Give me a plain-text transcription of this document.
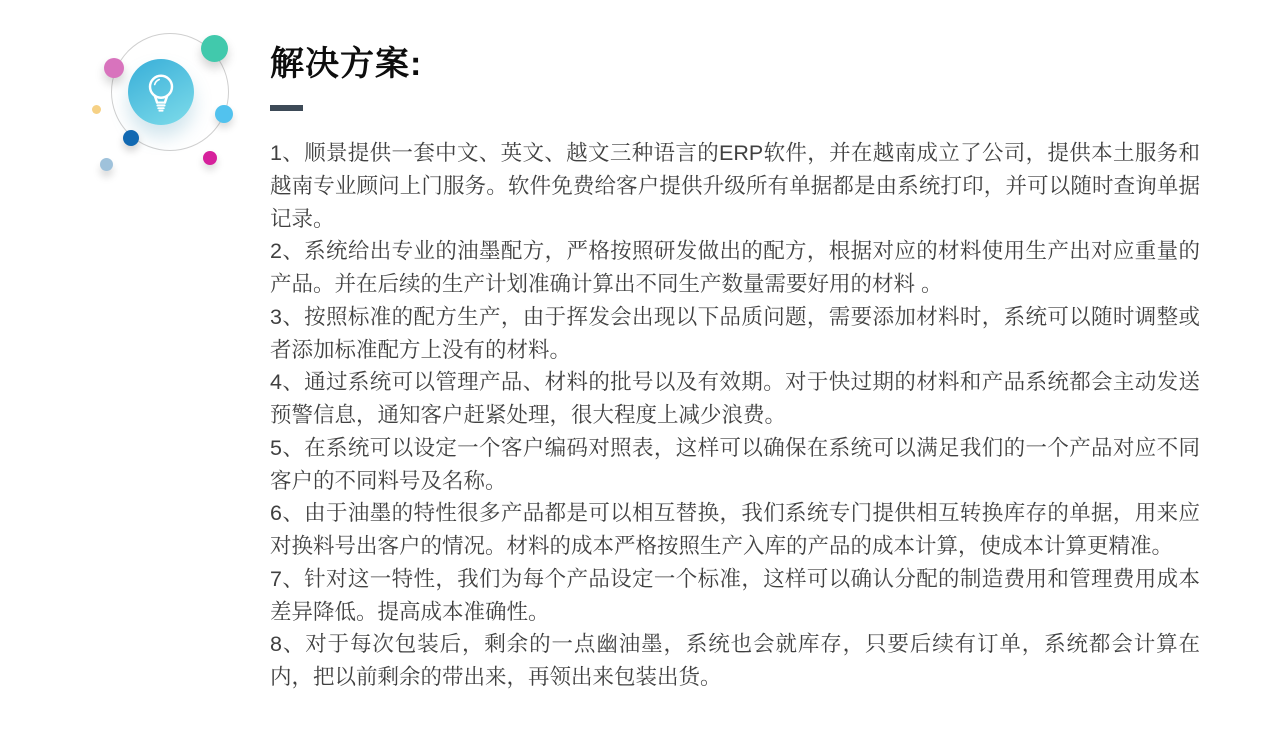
解决方案:

1、顺景提供一套中文、英文、越文三种语言的ERP软件，并在越南成立了公司，提供本土服务和越南专业顾问上门服务。软件免费给客户提供升级所有单据都是由系统打印，并可以随时查询单据记录。

2、系统给出专业的油墨配方，严格按照研发做出的配方，根据对应的材料使用生产出对应重量的产品。并在后续的生产计划准确计算出不同生产数量需要好用的材料 。

3、按照标准的配方生产，由于挥发会出现以下品质问题，需要添加材料时，系统可以随时调整或者添加标准配方上没有的材料。

4、通过系统可以管理产品、材料的批号以及有效期。对于快过期的材料和产品系统都会主动发送预警信息，通知客户赶紧处理，很大程度上减少浪费。

5、在系统可以设定一个客户编码对照表，这样可以确保在系统可以满足我们的一个产品对应不同客户的不同料号及名称。

6、由于油墨的特性很多产品都是可以相互替换，我们系统专门提供相互转换库存的单据，用来应对换料号出客户的情况。材料的成本严格按照生产入库的产品的成本计算，使成本计算更精准。

7、针对这一特性，我们为每个产品设定一个标准，这样可以确认分配的制造费用和管理费用成本差异降低。提高成本准确性。

8、对于每次包装后，剩余的一点幽油墨，系统也会就库存，只要后续有订单，系统都会计算在内，把以前剩余的带出来，再领出来包装出货。
